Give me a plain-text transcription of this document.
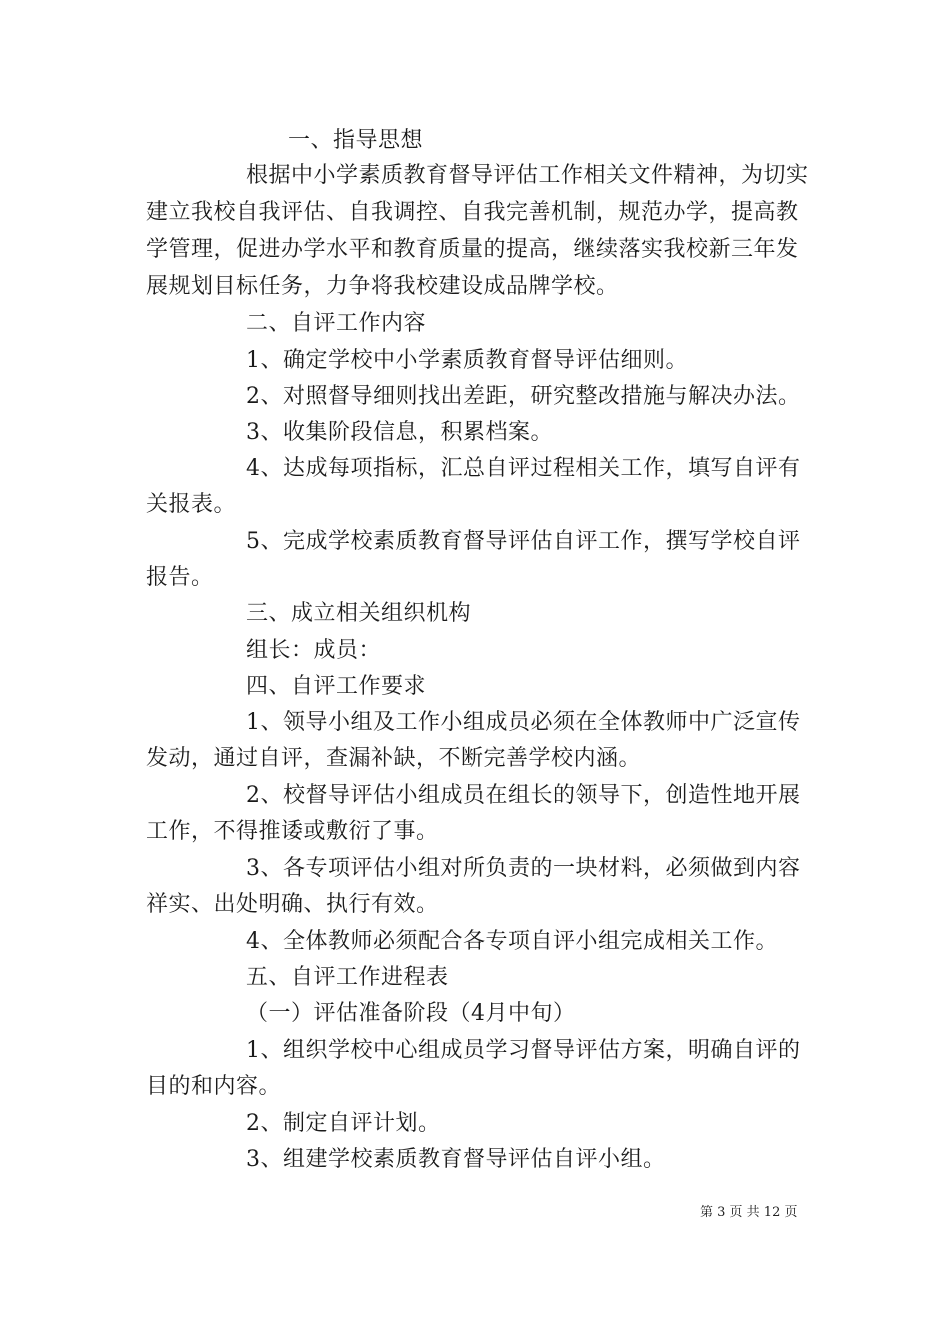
一、指导思想
根据中小学素质教育督导评估工作相关文件精神，为切实
建立我校自我评估、自我调控、自我完善机制，规范办学，提高教
学管理，促进办学水平和教育质量的提高，继续落实我校新三年发
展规划目标任务，力争将我校建设成品牌学校。
二、自评工作内容
1、确定学校中小学素质教育督导评估细则。
2、对照督导细则找出差距，研究整改措施与解决办法。
3、收集阶段信息，积累档案。
4、达成每项指标，汇总自评过程相关工作，填写自评有
关报表。
5、完成学校素质教育督导评估自评工作，撰写学校自评
报告。
三、成立相关组织机构
组长：成员：
四、自评工作要求
1、领导小组及工作小组成员必须在全体教师中广泛宣传
发动，通过自评，查漏补缺，不断完善学校内涵。
2、校督导评估小组成员在组长的领导下，创造性地开展
工作，不得推诿或敷衍了事。
3、各专项评估小组对所负责的一块材料，必须做到内容
祥实、出处明确、执行有效。
4、全体教师必须配合各专项自评小组完成相关工作。
五、自评工作进程表
（一）评估准备阶段（4月中旬）
1、组织学校中心组成员学习督导评估方案，明确自评的
目的和内容。
2、制定自评计划。
3、组建学校素质教育督导评估自评小组。
第 3 页 共 12 页
